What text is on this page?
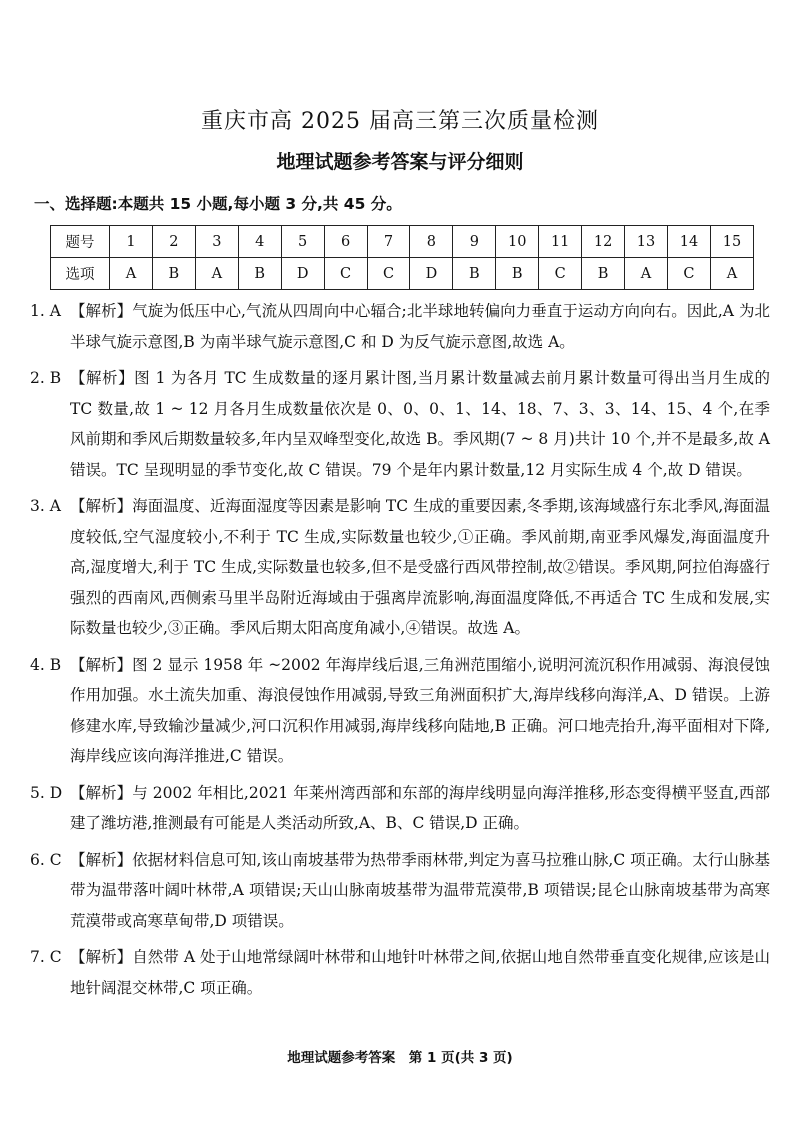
重庆市高 2025 届高三第三次质量检测
地理试题参考答案与评分细则
一、选择题:本题共 15 小题,每小题 3 分,共 45 分。
题号	1	2	3	4	5	6	7	8	9	10	11	12	13	14	15
选项	A	B	A	B	D	C	C	D	B	B	C	B	A	C	A
1. A 【解析】气旋为低压中心,气流从四周向中心辐合;北半球地转偏向力垂直于运动方向向右。因此,A 为北半球气旋示意图,B 为南半球气旋示意图,C 和 D 为反气旋示意图,故选 A。
2. B 【解析】图 1 为各月 TC 生成数量的逐月累计图,当月累计数量减去前月累计数量可得出当月生成的 TC 数量,故 1 ~ 12 月各月生成数量依次是 0、0、0、1、14、18、7、3、3、14、15、4 个,在季风前期和季风后期数量较多,年内呈双峰型变化,故选 B。季风期(7 ~ 8 月)共计 10 个,并不是最多,故 A 错误。TC 呈现明显的季节变化,故 C 错误。79 个是年内累计数量,12 月实际生成 4 个,故 D 错误。
3. A 【解析】海面温度、近海面湿度等因素是影响 TC 生成的重要因素,冬季期,该海域盛行东北季风,海面温度较低,空气湿度较小,不利于 TC 生成,实际数量也较少,①正确。季风前期,南亚季风爆发,海面温度升高,湿度增大,利于 TC 生成,实际数量也较多,但不是受盛行西风带控制,故②错误。季风期,阿拉伯海盛行强烈的西南风,西侧索马里半岛附近海域由于强离岸流影响,海面温度降低,不再适合 TC 生成和发展,实际数量也较少,③正确。季风后期太阳高度角减小,④错误。故选 A。
4. B 【解析】图 2 显示 1958 年 ~2002 年海岸线后退,三角洲范围缩小,说明河流沉积作用减弱、海浪侵蚀作用加强。水土流失加重、海浪侵蚀作用减弱,导致三角洲面积扩大,海岸线移向海洋,A、D 错误。上游修建水库,导致输沙量减少,河口沉积作用减弱,海岸线移向陆地,B 正确。河口地壳抬升,海平面相对下降,海岸线应该向海洋推进,C 错误。
5. D 【解析】与 2002 年相比,2021 年莱州湾西部和东部的海岸线明显向海洋推移,形态变得横平竖直,西部建了潍坊港,推测最有可能是人类活动所致,A、B、C 错误,D 正确。
6. C 【解析】依据材料信息可知,该山南坡基带为热带季雨林带,判定为喜马拉雅山脉,C 项正确。太行山脉基带为温带落叶阔叶林带,A 项错误;天山山脉南坡基带为温带荒漠带,B 项错误;昆仑山脉南坡基带为高寒荒漠带或高寒草甸带,D 项错误。
7. C 【解析】自然带 A 处于山地常绿阔叶林带和山地针叶林带之间,依据山地自然带垂直变化规律,应该是山地针阔混交林带,C 项正确。
地理试题参考答案　第 1 页(共 3 页)
